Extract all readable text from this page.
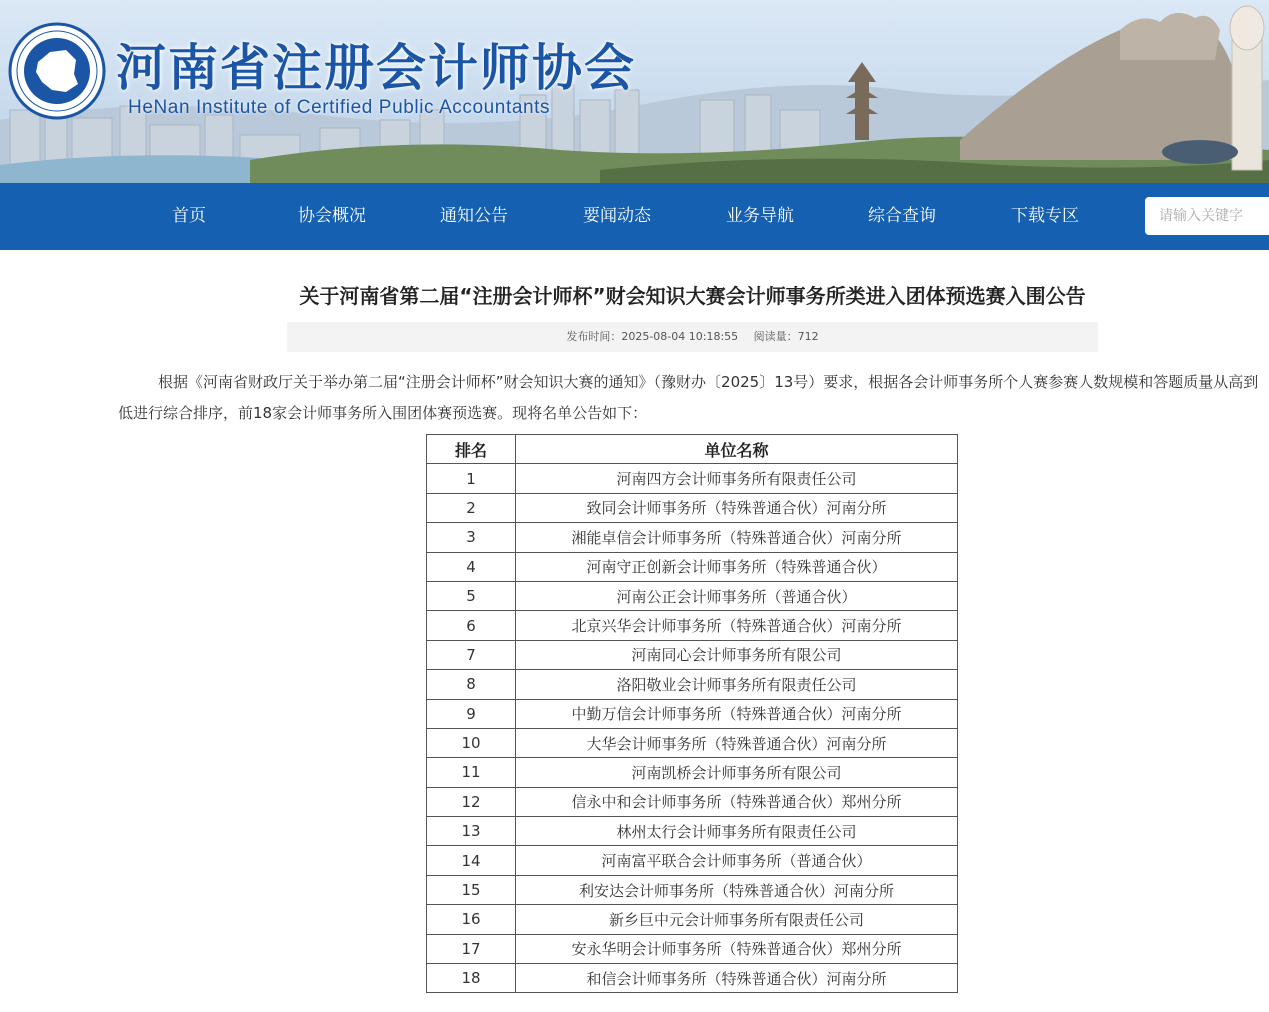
河南省注册会计师协会
HeNan Institute of Certified Public Accountants
首页	协会概况	通知公告	要闻动态	业务导航	综合查询	下载专区
请输入关键字
关于河南省第二届“注册会计师杯”财会知识大赛会计师事务所类进入团体预选赛入围公告
发布时间：2025-08-04 10:18:55 阅读量：712

根据《河南省财政厅关于举办第二届“注册会计师杯”财会知识大赛的通知》（豫财办〔2025〕13号）要求，根据各会计师事务所个人赛参赛人数规模和答题质量从高到低进行综合排序，前18家会计师事务所入围团体赛预选赛。现将名单公告如下：

排名	单位名称
1	河南四方会计师事务所有限责任公司
2	致同会计师事务所（特殊普通合伙）河南分所
3	湘能卓信会计师事务所（特殊普通合伙）河南分所
4	河南守正创新会计师事务所（特殊普通合伙）
5	河南公正会计师事务所（普通合伙）
6	北京兴华会计师事务所（特殊普通合伙）河南分所
7	河南同心会计师事务所有限公司
8	洛阳敬业会计师事务所有限责任公司
9	中勤万信会计师事务所（特殊普通合伙）河南分所
10	大华会计师事务所（特殊普通合伙）河南分所
11	河南凯桥会计师事务所有限公司
12	信永中和会计师事务所（特殊普通合伙）郑州分所
13	林州太行会计师事务所有限责任公司
14	河南富平联合会计师事务所（普通合伙）
15	利安达会计师事务所（特殊普通合伙）河南分所
16	新乡巨中元会计师事务所有限责任公司
17	安永华明会计师事务所（特殊普通合伙）郑州分所
18	和信会计师事务所（特殊普通合伙）河南分所
